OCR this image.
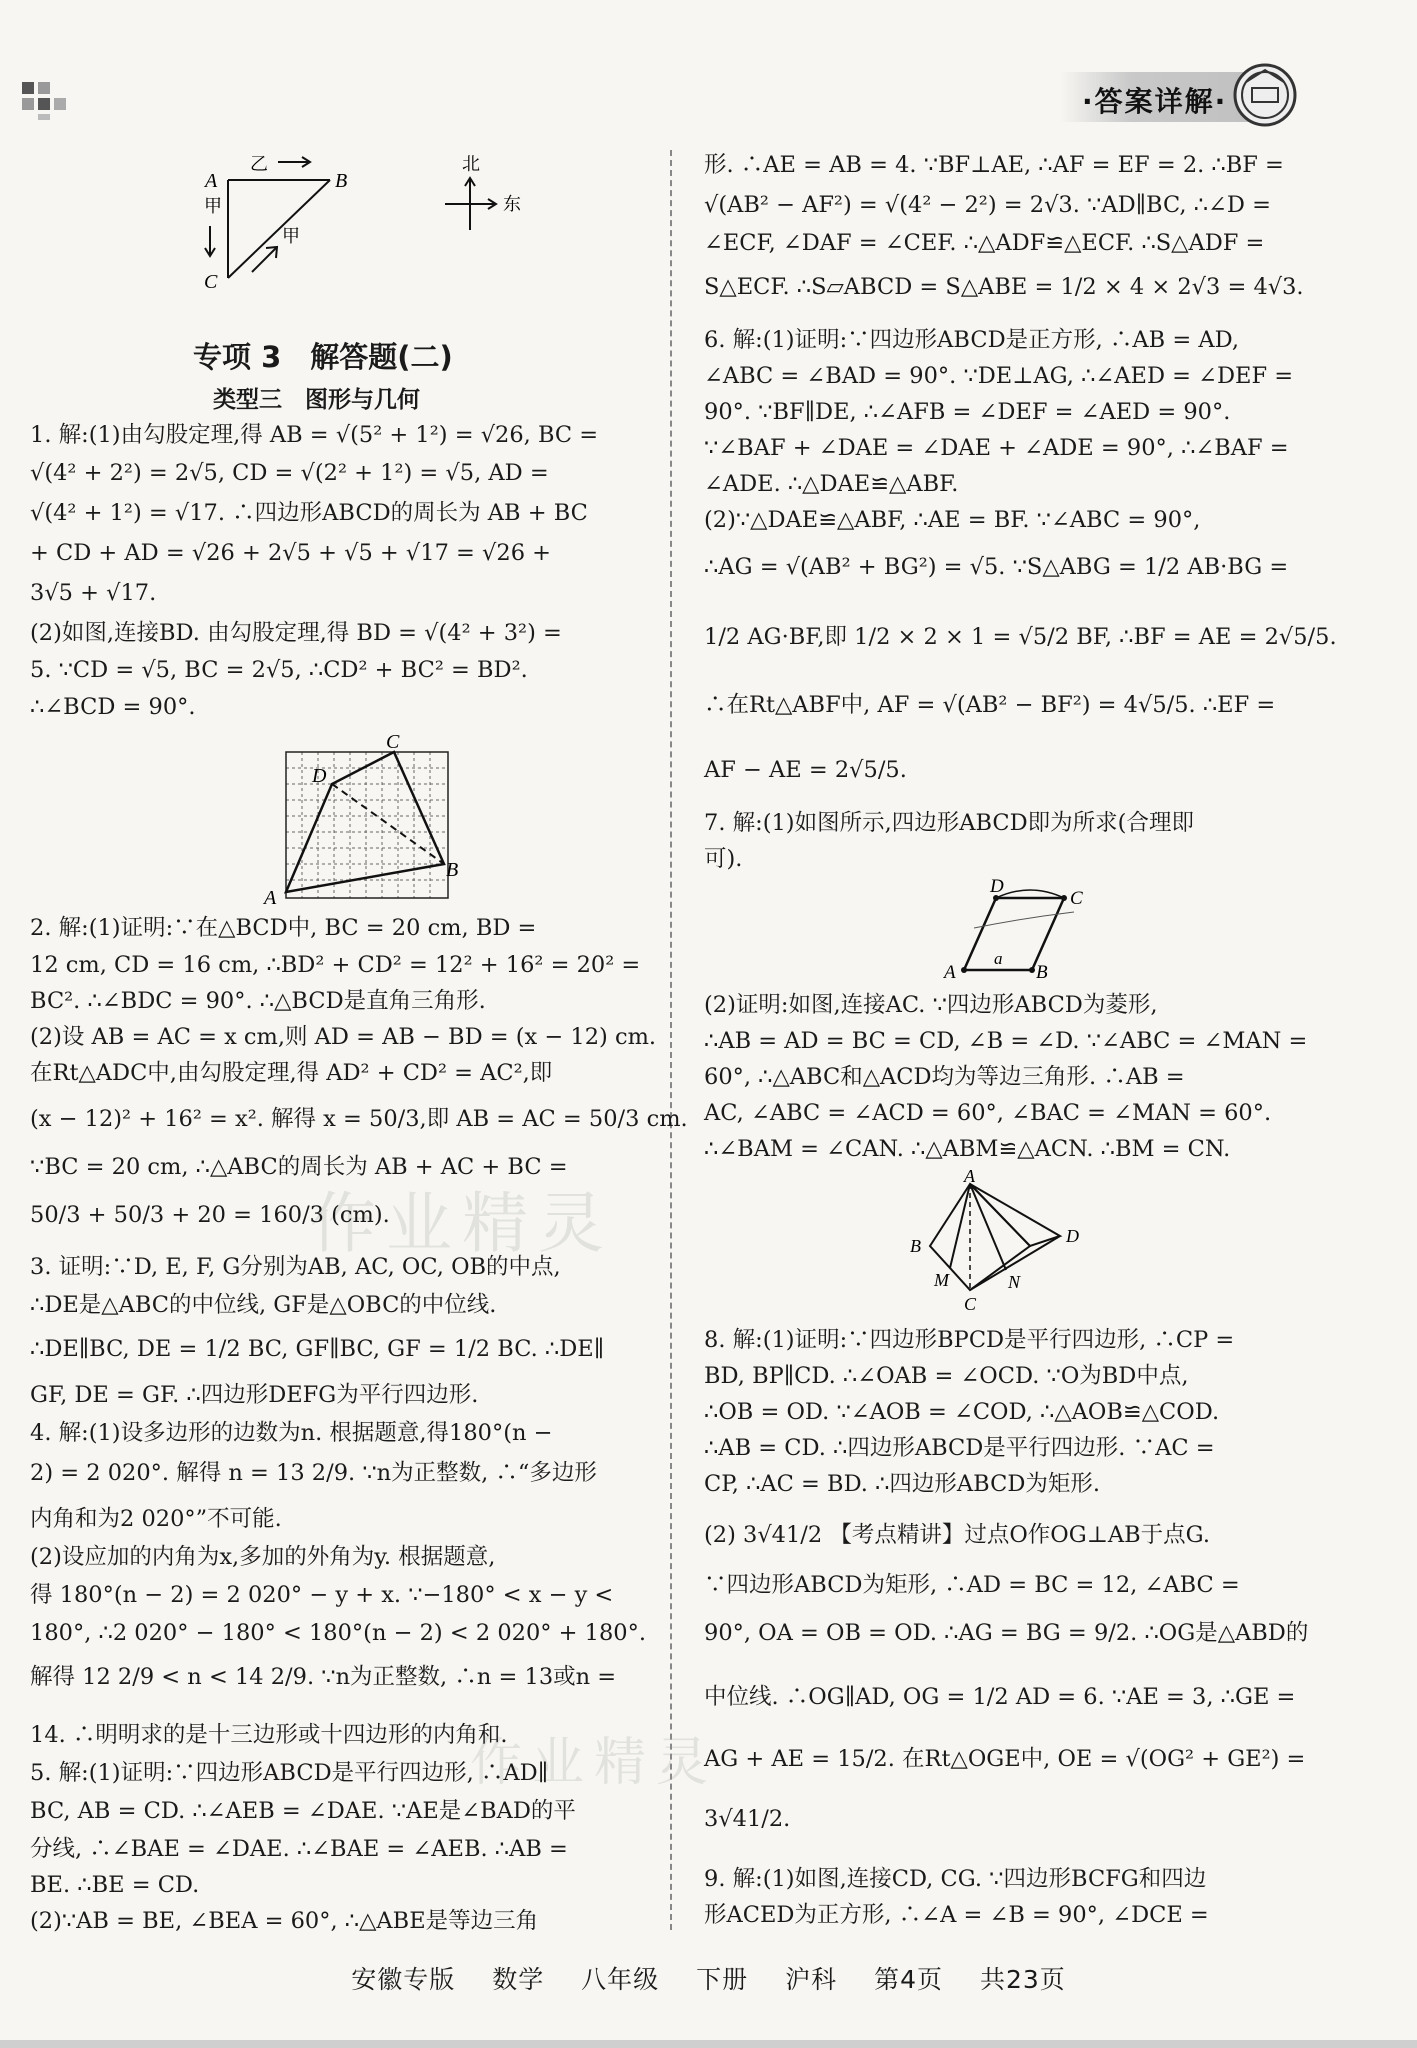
·答案详解·
作业精灵
作业精灵
A	B
C
乙
甲
甲
北
东
专项 3　解答题(二)
类型三　图形与几何
1. 解:(1)由勾股定理,得 AB = √(5² + 1²) = √26, BC =
√(4² + 2²) = 2√5, CD = √(2² + 1²) = √5, AD =
√(4² + 1²) = √17. ∴四边形ABCD的周长为 AB + BC
+ CD + AD = √26 + 2√5 + √5 + √17 = √26 +
3√5 + √17.
(2)如图,连接BD. 由勾股定理,得 BD = √(4² + 3²) =
5. ∵CD = √5, BC = 2√5, ∴CD² + BC² = BD².
∴∠BCD = 90°.
A
B
C
D
2. 解:(1)证明:∵在△BCD中, BC = 20 cm, BD =
12 cm, CD = 16 cm, ∴BD² + CD² = 12² + 16² = 20² =
BC². ∴∠BDC = 90°. ∴△BCD是直角三角形.
(2)设 AB = AC = x cm,则 AD = AB − BD = (x − 12) cm.
在Rt△ADC中,由勾股定理,得 AD² + CD² = AC²,即
(x − 12)² + 16² = x². 解得 x = 50/3,即 AB = AC = 50/3 cm.
∵BC = 20 cm, ∴△ABC的周长为 AB + AC + BC =
50/3 + 50/3 + 20 = 160/3 (cm).
3. 证明:∵D, E, F, G分别为AB, AC, OC, OB的中点,
∴DE是△ABC的中位线, GF是△OBC的中位线.
∴DE∥BC, DE = 1/2 BC, GF∥BC, GF = 1/2 BC. ∴DE∥
GF, DE = GF. ∴四边形DEFG为平行四边形.
4. 解:(1)设多边形的边数为n. 根据题意,得180°(n −
2) = 2 020°. 解得 n = 13 2/9. ∵n为正整数, ∴“多边形
内角和为2 020°”不可能.
(2)设应加的内角为x,多加的外角为y. 根据题意,
得 180°(n − 2) = 2 020° − y + x. ∵−180° < x − y <
180°, ∴2 020° − 180° < 180°(n − 2) < 2 020° + 180°.
解得 12 2/9 < n < 14 2/9. ∵n为正整数, ∴n = 13或n =
14. ∴明明求的是十三边形或十四边形的内角和.
5. 解:(1)证明:∵四边形ABCD是平行四边形, ∴AD∥
BC, AB = CD. ∴∠AEB = ∠DAE. ∵AE是∠BAD的平
分线, ∴∠BAE = ∠DAE. ∴∠BAE = ∠AEB. ∴AB =
BE. ∴BE = CD.
(2)∵AB = BE, ∠BEA = 60°, ∴△ABE是等边三角
形. ∴AE = AB = 4. ∵BF⊥AE, ∴AF = EF = 2. ∴BF =
√(AB² − AF²) = √(4² − 2²) = 2√3. ∵AD∥BC, ∴∠D =
∠ECF, ∠DAF = ∠CEF. ∴△ADF≌△ECF. ∴S△ADF =
S△ECF. ∴S▱ABCD = S△ABE = 1/2 × 4 × 2√3 = 4√3.
6. 解:(1)证明:∵四边形ABCD是正方形, ∴AB = AD,
∠ABC = ∠BAD = 90°. ∵DE⊥AG, ∴∠AED = ∠DEF =
90°. ∵BF∥DE, ∴∠AFB = ∠DEF = ∠AED = 90°.
∵∠BAF + ∠DAE = ∠DAE + ∠ADE = 90°, ∴∠BAF =
∠ADE. ∴△DAE≌△ABF.
(2)∵△DAE≌△ABF, ∴AE = BF. ∵∠ABC = 90°,
∴AG = √(AB² + BG²) = √5. ∵S△ABG = 1/2 AB·BG =
1/2 AG·BF,即 1/2 × 2 × 1 = √5/2 BF, ∴BF = AE = 2√5/5.
∴在Rt△ABF中, AF = √(AB² − BF²) = 4√5/5. ∴EF =
AF − AE = 2√5/5.
7. 解:(1)如图所示,四边形ABCD即为所求(合理即
可).
A	B
C
D
a
(2)证明:如图,连接AC. ∵四边形ABCD为菱形,
∴AB = AD = BC = CD, ∠B = ∠D. ∵∠ABC = ∠MAN =
60°, ∴△ABC和△ACD均为等边三角形. ∴AB =
AC, ∠ABC = ∠ACD = 60°, ∠BAC = ∠MAN = 60°.
∴∠BAM = ∠CAN. ∴△ABM≌△ACN. ∴BM = CN.
A
B
C
D
M	N
8. 解:(1)证明:∵四边形BPCD是平行四边形, ∴CP =
BD, BP∥CD. ∴∠OAB = ∠OCD. ∵O为BD中点,
∴OB = OD. ∵∠AOB = ∠COD, ∴△AOB≌△COD.
∴AB = CD. ∴四边形ABCD是平行四边形. ∵AC =
CP, ∴AC = BD. ∴四边形ABCD为矩形.
(2) 3√41/2 【考点精讲】过点O作OG⊥AB于点G.
∵四边形ABCD为矩形, ∴AD = BC = 12, ∠ABC =
90°, OA = OB = OD. ∴AG = BG = 9/2. ∴OG是△ABD的
中位线. ∴OG∥AD, OG = 1/2 AD = 6. ∵AE = 3, ∴GE =
AG + AE = 15/2. 在Rt△OGE中, OE = √(OG² + GE²) =
3√41/2.
9. 解:(1)如图,连接CD, CG. ∵四边形BCFG和四边
形ACED为正方形, ∴∠A = ∠B = 90°, ∠DCE =
安徽专版 数学 八年级 下册 沪科 第4页 共23页
